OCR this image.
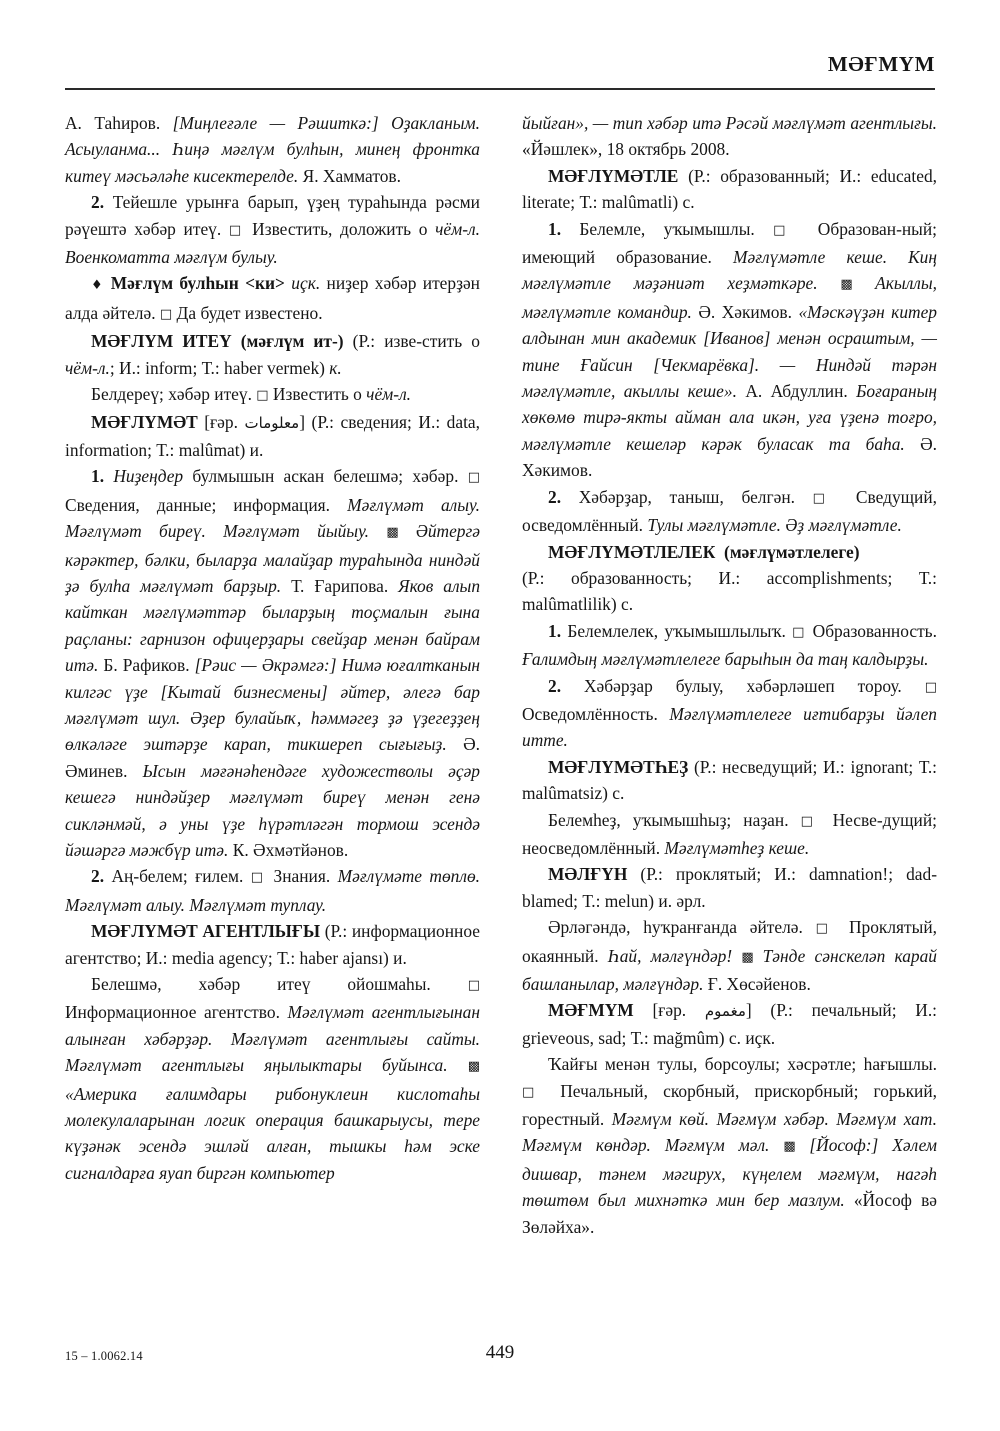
МӘҒМҮМ

А. Таһиров. [Миңлеғәле — Рәшиткә:] Оҙакланым. Асыуланма... Һиңә мәғлүм булһын, минең фронтка китеү мәсьәләһе кисектерелде. Я. Хамматов.

2. Тейешле урынға барып, үҙең тураһында рәсми рәүештә хәбәр итеү. □ Известить, доложить о чём-л. Военкоматта мәғлүм булыу.

♦ Мәғлүм булһын <ки> иçк. ниҙер хәбәр итерҙән алда әйтелә. □ Да будет известено.

МӘҒЛҮМ ИТЕҮ (мәғлүм ит-) (Р.: изве-стить о чём-л.; И.: inform; Т.: haber vermek) к.

Белдереү; хәбәр итеү. □ Известить о чём-л.

МӘҒЛҮМӘТ [ғәр. معلومات] (Р.: сведения; И.: data, information; Т.: malûmat) и.

1. Ниҙеңдер булмышын аскан белешмә; хәбәр. □ Сведения, данные; информация. Мәғлүмәт алыу. Мәғлүмәт биреү. Мәғлүмәт йыйыу. ▩ Әйтергә кәрәктер, бәлки, быларҙа малайҙар тураһында ниндәй ҙә булһа мәғлүмәт барҙыр. Т. Ғарипова. Яков алып кайткан мәғлүмәттәр быларҙың тоçмалын ғына раçланы: гарнизон офицерҙары свейҙар менән байрам итә. Б. Рафиков. [Рәис — Әкрәмгә:] Нимә юғалтканын килгәс үҙе [Кытай бизнесмены] әйтер, әлегә бар мәғлүмәт шул. Әҙер булайыҡ, һәммәгеҙ ҙә үҙегеҙҙең өлкәләге эштәрҙе карап, тикшереп сығығыҙ. Ә. Әминев. Ысын мәғәнәһендәге художестволы әçәр кешегә ниндәйҙер мәғлүмәт биреү менән генә сикләнмәй, ә уны үҙе һүрәтләгән тормош эсендә йәшәргә мәжбүр итә. К. Әхмәтйәнов.

2. Аң-белем; ғилем. □ Знания. Мәғлүмәте төплө. Мәғлүмәт алыу. Мәғлүмәт туплау.

МӘҒЛҮМӘТ АГЕНТЛЫҒЫ (Р.: информационное агентство; И.: media agency; Т.: haber ajansı) и.

Белешмә, хәбәр итеү ойошмаһы. □ Информационное агентство. Мәғлүмәт агентлығынан алынған хәбәрҙәр. Мәғлүмәт агентлығы сайты. Мәғлүмәт агентлығы яңылыктары буйынса. ▩ «Америка ғалимдары рибонуклеин кислотаһы молекулаларынан логик операция башкарыусы, тере күҙәнәк эсендә эшләй алған, тышкы һәм эске сигналдарға яуап биргән компьютер

йыйған», — тип хәбәр итә Рәсәй мәғлүмәт агентлығы. «Йәшлек», 18 октябрь 2008.

МӘҒЛҮМӘТЛЕ (Р.: образованный; И.: educated, literate; Т.: malûmatli) с.

1. Белемле, уҡымышлы. □ Образован-ный; имеющий образование. Мәғлүмәтле кеше. Киң мәғлүмәтле мәҙәниәт хеҙмәткәре. ▩ Акыллы, мәғлүмәтле командир. Ә. Хәкимов. «Мәскәүҙән китер алдынан мин академик [Иванов] менән осраштым, — тине Ғайсин [Чекмарёвка]. — Ниндәй тәрән мәғлүмәтле, акыллы кеше». А. Абдуллин. Боғараның хөкөмө тирә-якты айман ала икән, уға үҙенә тоғро, мәғлүмәтле кешеләр кәрәк буласак та баһа. Ә. Хәкимов.

2. Хәбәрҙар, таныш, белгән. □ Сведущий, осведомлённый. Тулы мәғлүмәтле. Әҙ мәғлүмәтле.

МӘҒЛҮМӘТЛЕЛЕК (мәғлүмәтлелеге)
(Р.: образованность; И.: accomplishments; Т.: malûmatlilik) с.

1. Белемлелек, уҡымышлылыҡ. □ Образованность. Ғалимдың мәғлүмәтлелеге барыһын да таң калдырҙы.

2. Хәбәрҙар булыу, хәбәрләшеп тороу. □ Осведомлённость. Мәғлүмәтлелеге иғтибарҙы йәлеп итте.

МӘҒЛҮМӘТҺЕҘ (Р.: несведущий; И.: ignorant; Т.: malûmatsiz) с.

Белемһеҙ, уҡымышһыҙ; наҙан. □ Несве-дущий; неосведомлённый. Мәғлүмәтһеҙ кеше.

МӘЛҒҮН (Р.: проклятый; И.: damnation!; dad-blamed; Т.: melun) и. әрл.

Әрләгәндә, һуҡранғанда әйтелә. □ Проклятый, окаянный. Һай, мәлғүндәр! ▩ Тәнде сәнскеләп карай башланылар, мәлғүндәр. Ғ. Хөсәйенов.

МӘҒМҮМ [ғәр. مغموم] (Р.: печальный; И.: grieveous, sad; Т.: mağmûm) с. иçк.

Ҡайғы менән тулы, борсоулы; хәсрәтле; һағышлы. □ Печальный, скорбный, прискорбный; горький, горестный. Мәғмүм көй. Мәғмүм хәбәр. Мәғмүм хат. Мәғмүм көндәр. Мәғмүм мәл. ▩ [Йософ:] Хәлем дишвар, тәнем мәгируx, күңелем мәғмүм, нагәһ төштөм был михнәткә мин бер мазлум. «Йософ вә Зөләйха».

15 – 1.0062.14	449
